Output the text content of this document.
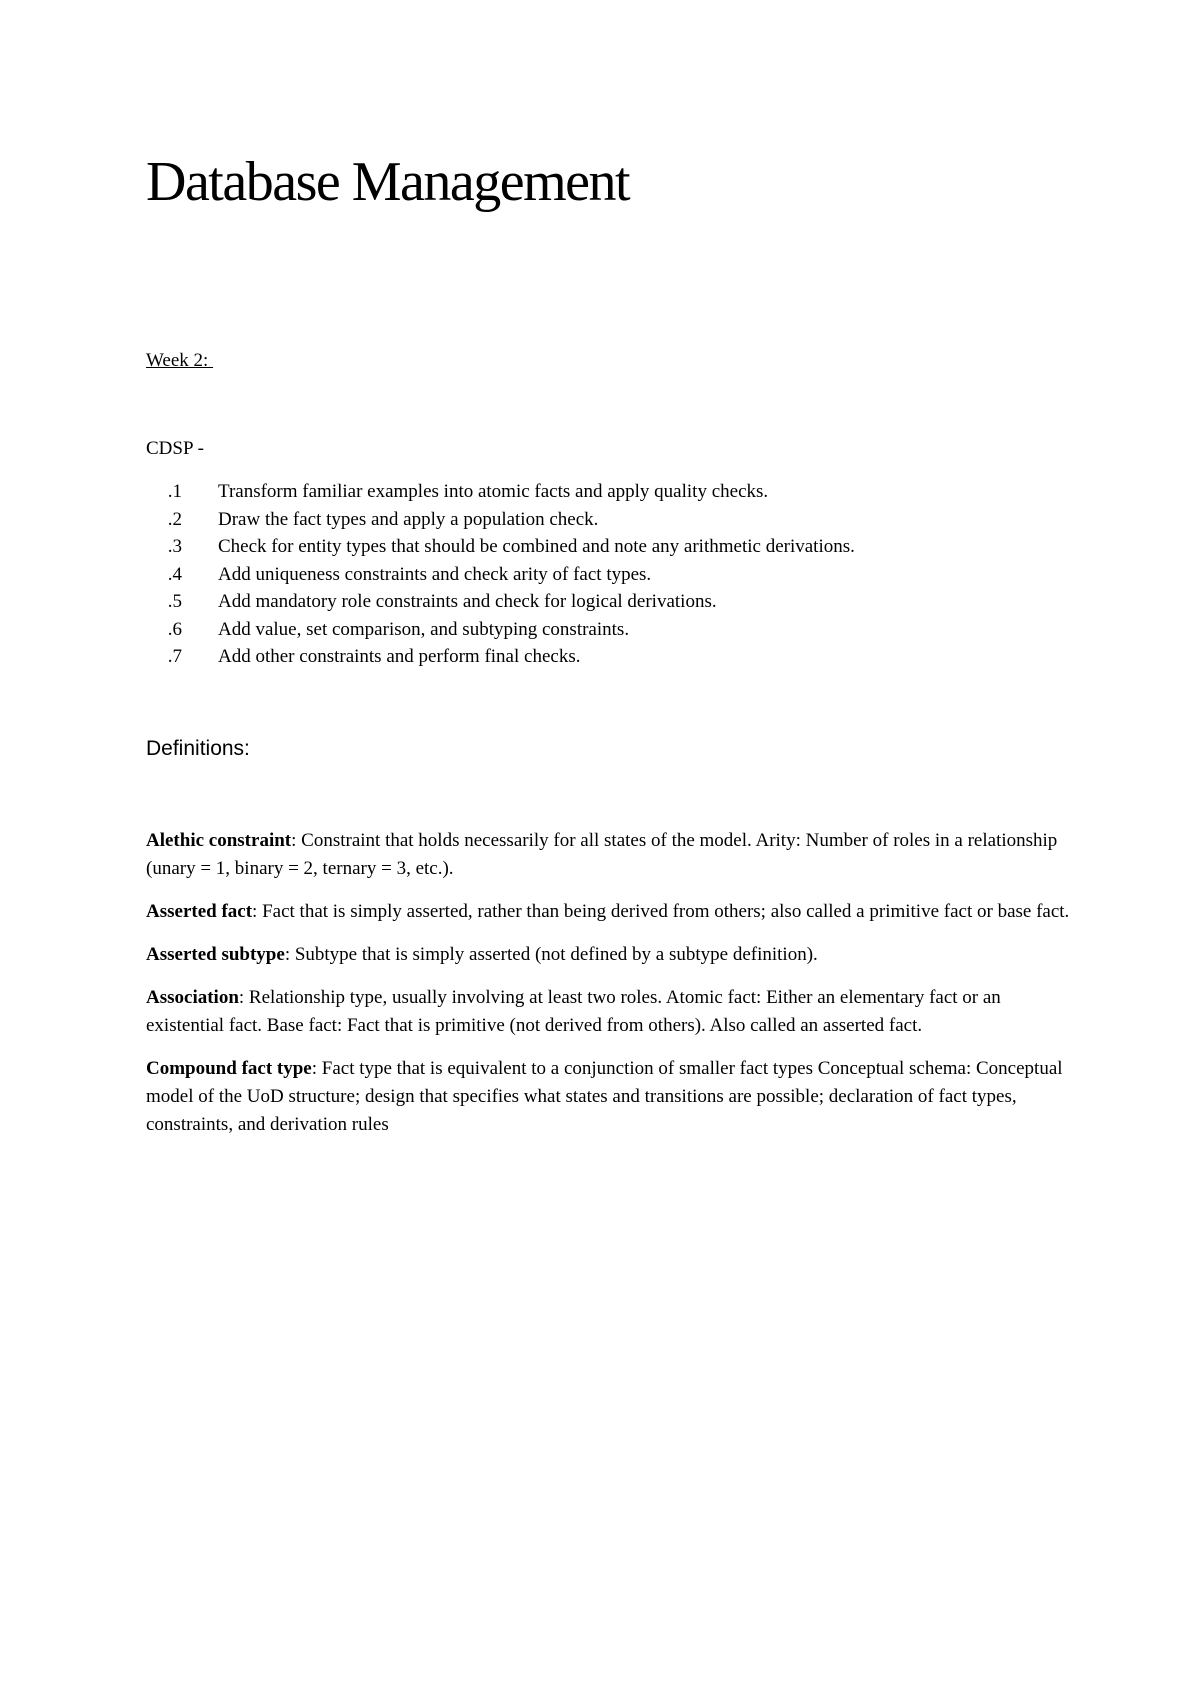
Database Management
Week 2:
CDSP -
1. Transform familiar examples into atomic facts and apply quality checks.
2. Draw the fact types and apply a population check.
3. Check for entity types that should be combined and note any arithmetic derivations.
4. Add uniqueness constraints and check arity of fact types.
5. Add mandatory role constraints and check for logical derivations.
6. Add value, set comparison, and subtyping constraints.
7. Add other constraints and perform final checks.
Definitions:

Alethic constraint: Constraint that holds necessarily for all states of the model. Arity: Number of roles in a relationship (unary = 1, binary = 2, ternary = 3, etc.).

Asserted fact: Fact that is simply asserted, rather than being derived from others; also called a primitive fact or base fact.

Asserted subtype: Subtype that is simply asserted (not defined by a subtype definition).

Association: Relationship type, usually involving at least two roles. Atomic fact: Either an elementary fact or an existential fact. Base fact: Fact that is primitive (not derived from others). Also called an asserted fact.

Compound fact type: Fact type that is equivalent to a conjunction of smaller fact types Conceptual schema: Conceptual model of the UoD structure; design that specifies what states and transitions are possible; declaration of fact types, constraints, and derivation rules
